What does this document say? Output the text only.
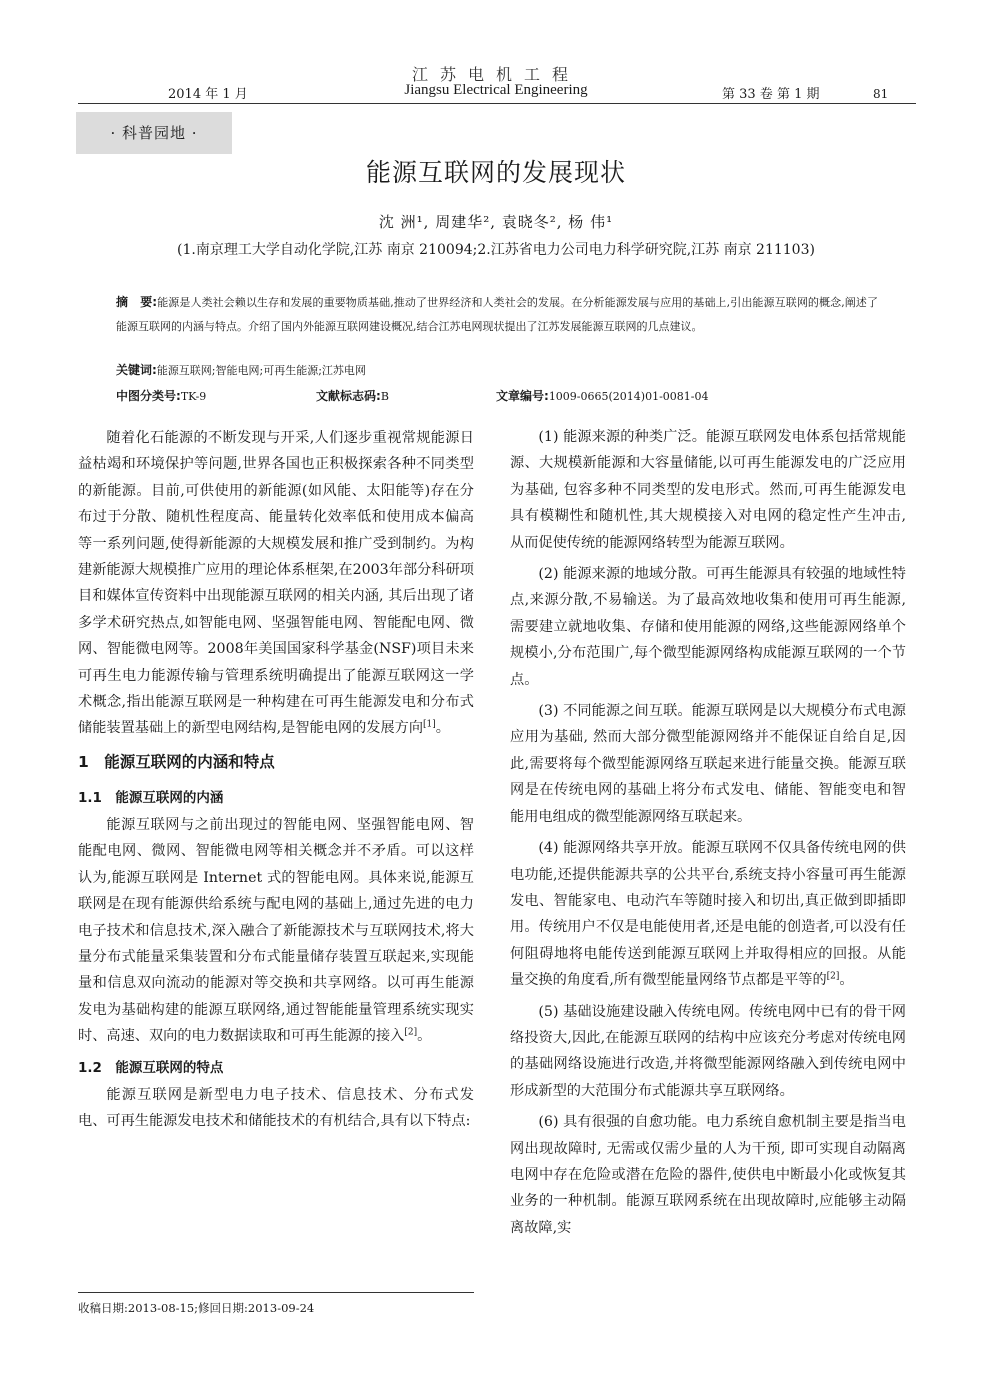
江苏电机工程
2014 年 1 月	Jiangsu Electrical Engineering	第 33 卷 第 1 期	81
· 科普园地 ·
能源互联网的发展现状
沈 洲¹, 周建华², 袁晓冬², 杨 伟¹
(1.南京理工大学自动化学院,江苏 南京 210094;2.江苏省电力公司电力科学研究院,江苏 南京 211103)
摘　要:能源是人类社会赖以生存和发展的重要物质基础,推动了世界经济和人类社会的发展。在分析能源发展与应用的基础上,引出能源互联网的概念,阐述了能源互联网的内涵与特点。介绍了国内外能源互联网建设概况,结合江苏电网现状提出了江苏发展能源互联网的几点建议。
关键词:能源互联网;智能电网;可再生能源;江苏电网
中图分类号:TK-9	文献标志码:B	文章编号:1009-0665(2014)01-0081-04

随着化石能源的不断发现与开采,人们逐步重视常规能源日益枯竭和环境保护等问题,世界各国也正积极探索各种不同类型的新能源。目前,可供使用的新能源(如风能、太阳能等)存在分布过于分散、随机性程度高、能量转化效率低和使用成本偏高等一系列问题,使得新能源的大规模发展和推广受到制约。为构建新能源大规模推广应用的理论体系框架,在2003年部分科研项目和媒体宣传资料中出现能源互联网的相关内涵, 其后出现了诸多学术研究热点,如智能电网、坚强智能电网、智能配电网、微网、智能微电网等。2008年美国国家科学基金(NSF)项目未来可再生电力能源传输与管理系统明确提出了能源互联网这一学术概念,指出能源互联网是一种构建在可再生能源发电和分布式储能装置基础上的新型电网结构,是智能电网的发展方向[1]。

1　能源互联网的内涵和特点
1.1　能源互联网的内涵

能源互联网与之前出现过的智能电网、坚强智能电网、智能配电网、微网、智能微电网等相关概念并不矛盾。可以这样认为,能源互联网是 Internet 式的智能电网。具体来说,能源互联网是在现有能源供给系统与配电网的基础上,通过先进的电力电子技术和信息技术,深入融合了新能源技术与互联网技术,将大量分布式能量采集装置和分布式能量储存装置互联起来,实现能量和信息双向流动的能源对等交换和共享网络。以可再生能源发电为基础构建的能源互联网络,通过智能能量管理系统实现实时、高速、双向的电力数据读取和可再生能源的接入[2]。

1.2　能源互联网的特点

能源互联网是新型电力电子技术、信息技术、分布式发电、可再生能源发电技术和储能技术的有机结合,具有以下特点:

收稿日期:2013-08-15;修回日期:2013-09-24

(1) 能源来源的种类广泛。能源互联网发电体系包括常规能源、大规模新能源和大容量储能,以可再生能源发电的广泛应用为基础, 包容多种不同类型的发电形式。然而,可再生能源发电具有模糊性和随机性,其大规模接入对电网的稳定性产生冲击, 从而促使传统的能源网络转型为能源互联网。

(2) 能源来源的地域分散。可再生能源具有较强的地域性特点,来源分散,不易输送。为了最高效地收集和使用可再生能源,需要建立就地收集、存储和使用能源的网络,这些能源网络单个规模小,分布范围广,每个微型能源网络构成能源互联网的一个节点。

(3) 不同能源之间互联。能源互联网是以大规模分布式电源应用为基础, 然而大部分微型能源网络并不能保证自给自足,因此,需要将每个微型能源网络互联起来进行能量交换。能源互联网是在传统电网的基础上将分布式发电、储能、智能变电和智能用电组成的微型能源网络互联起来。

(4) 能源网络共享开放。能源互联网不仅具备传统电网的供电功能,还提供能源共享的公共平台,系统支持小容量可再生能源发电、智能家电、电动汽车等随时接入和切出,真正做到即插即用。传统用户不仅是电能使用者,还是电能的创造者,可以没有任何阻碍地将电能传送到能源互联网上并取得相应的回报。从能量交换的角度看,所有微型能量网络节点都是平等的[2]。

(5) 基础设施建设融入传统电网。传统电网中已有的骨干网络投资大,因此,在能源互联网的结构中应该充分考虑对传统电网的基础网络设施进行改造,并将微型能源网络融入到传统电网中形成新型的大范围分布式能源共享互联网络。

(6) 具有很强的自愈功能。电力系统自愈机制主要是指当电网出现故障时, 无需或仅需少量的人为干预, 即可实现自动隔离电网中存在危险或潜在危险的器件,使供电中断最小化或恢复其业务的一种机制。能源互联网系统在出现故障时,应能够主动隔离故障,实
